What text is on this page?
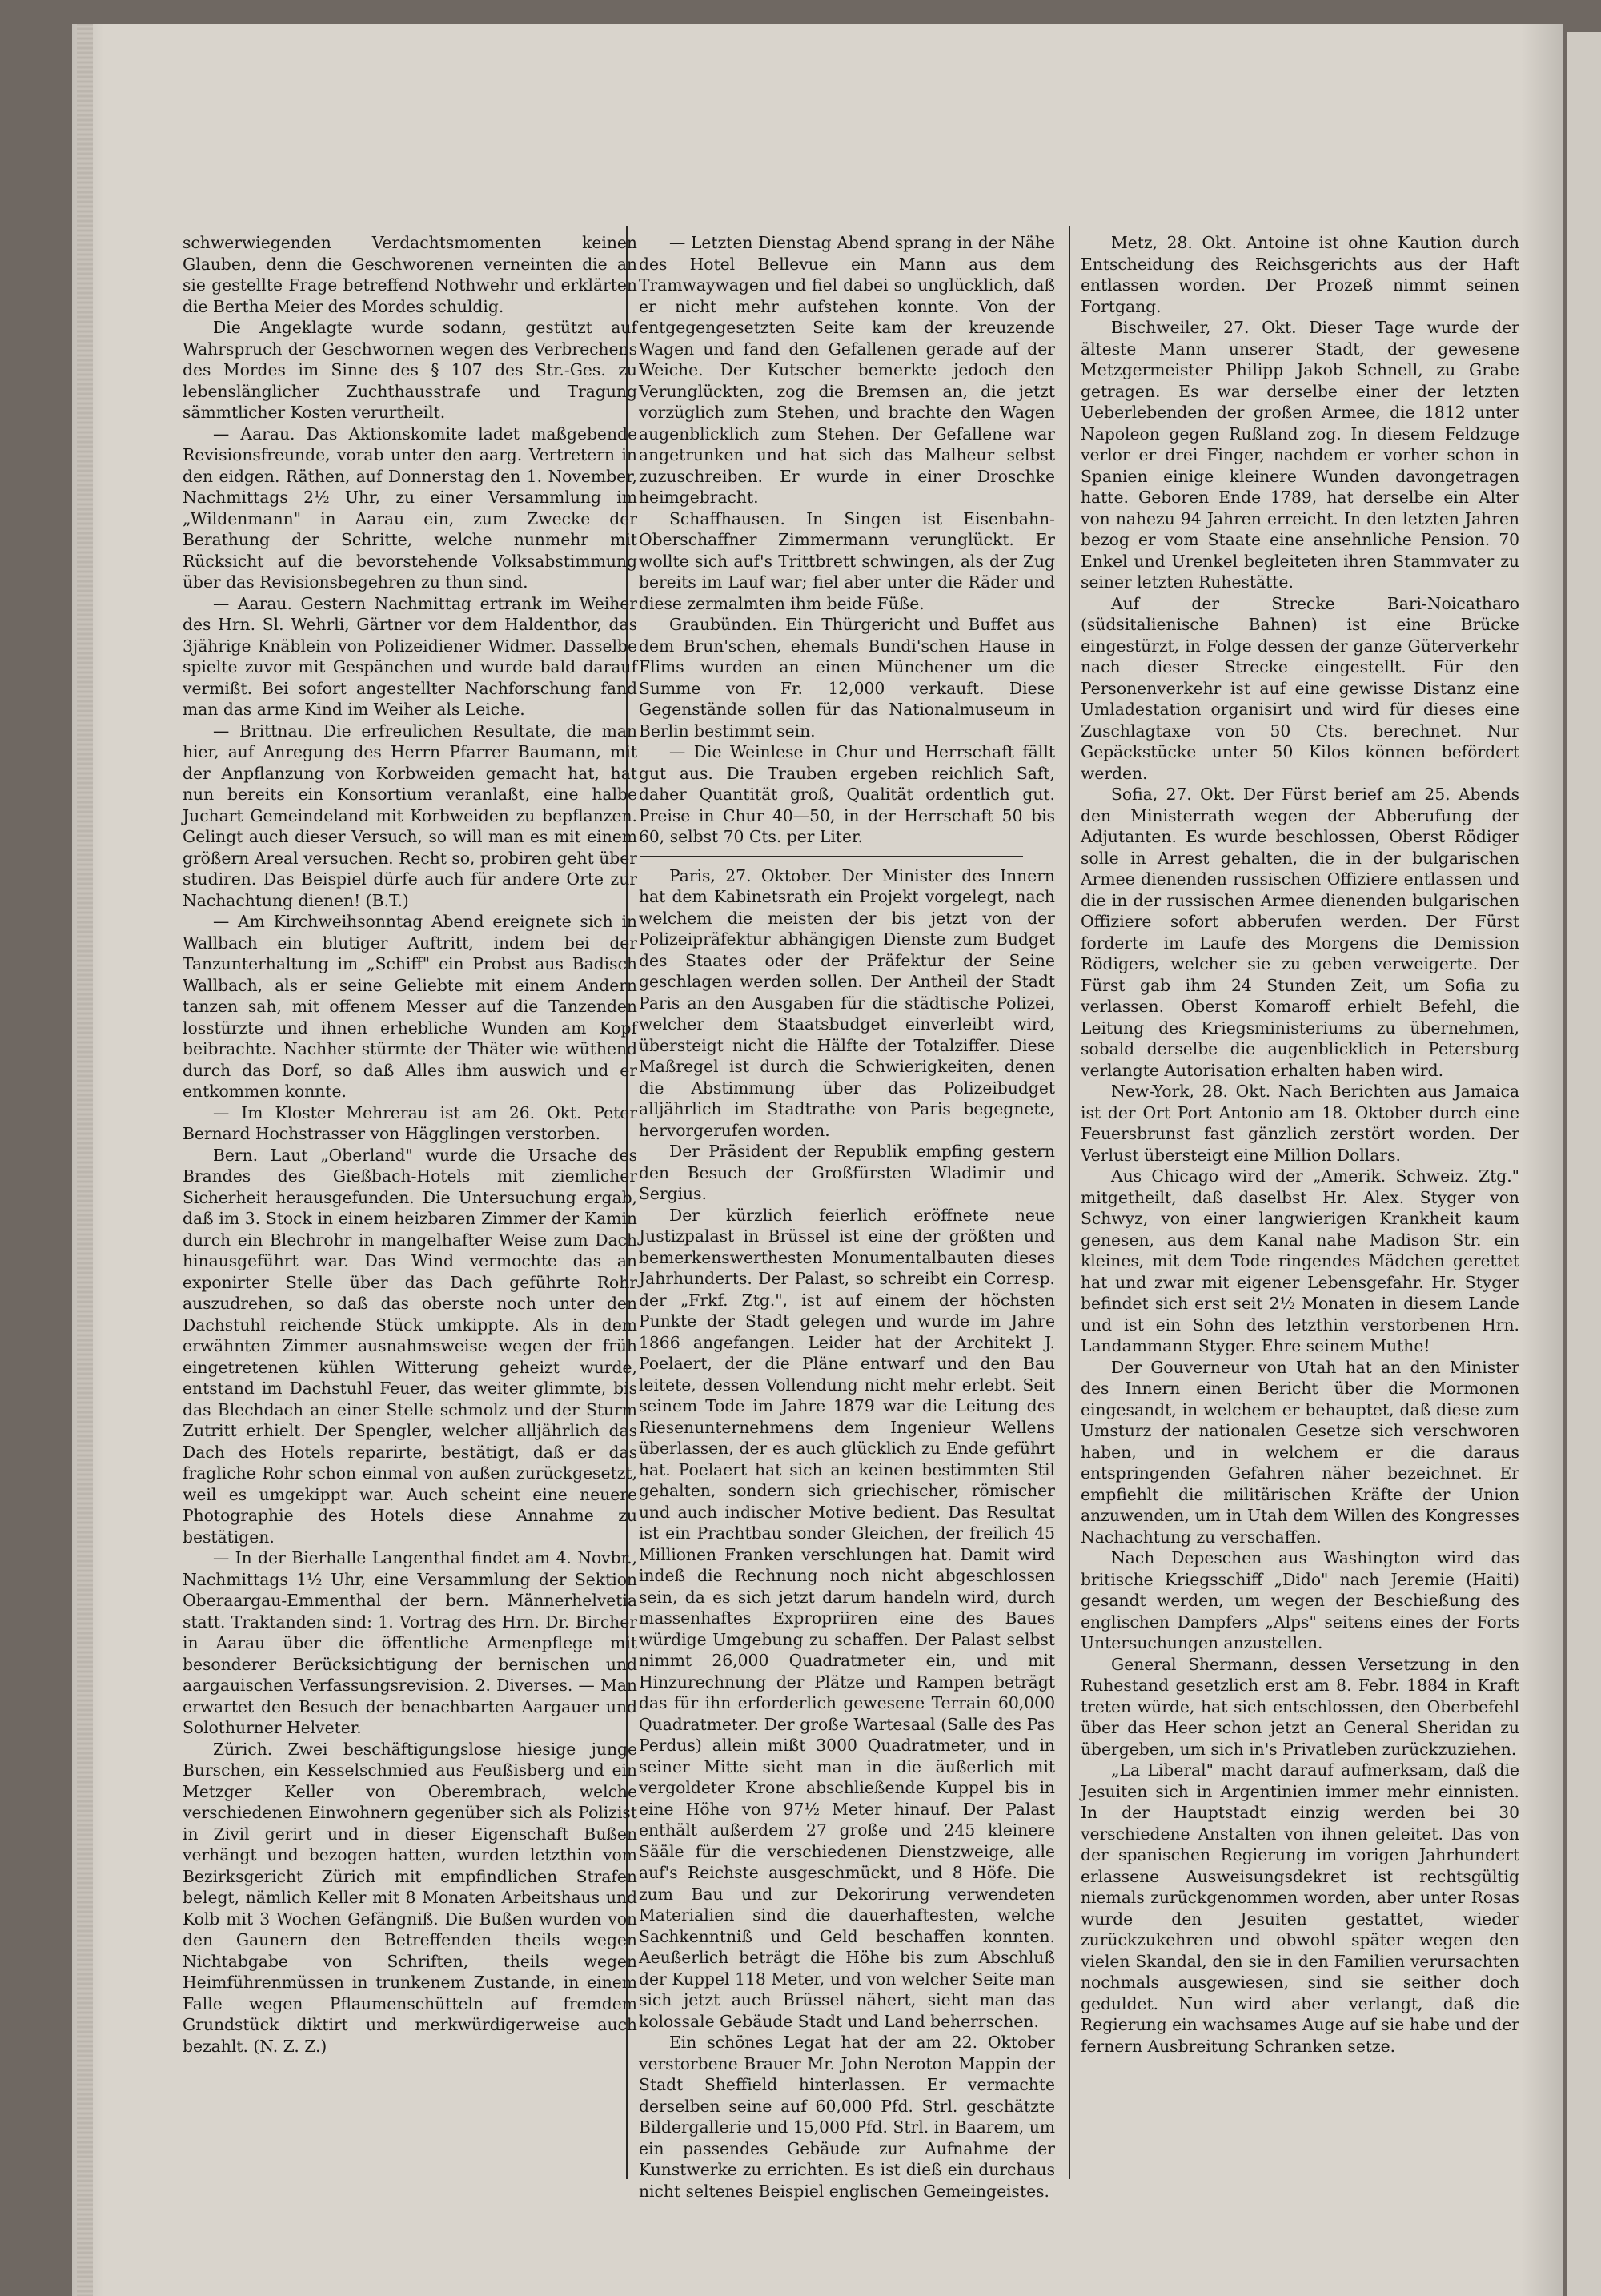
schwerwiegenden Verdachtsmomenten keinen Glauben, denn die Geschworenen verneinten die an sie gestellte Frage betreffend Nothwehr und erklärten die Bertha Meier des Mordes schuldig.

Die Angeklagte wurde sodann, gestützt auf Wahrspruch der Geschwornen wegen des Verbrechens des Mordes im Sinne des § 107 des Str.-Ges. zu lebenslänglicher Zuchthausstrafe und Tragung sämmtlicher Kosten verurtheilt.

— Aarau. Das Aktionskomite ladet maßgebende Revisionsfreunde, vorab unter den aarg. Vertretern in den eidgen. Räthen, auf Donnerstag den 1. November, Nachmittags 2½ Uhr, zu einer Versammlung im „Wildenmann" in Aarau ein, zum Zwecke der Berathung der Schritte, welche nunmehr mit Rücksicht auf die bevorstehende Volksabstimmung über das Revisionsbegehren zu thun sind.

— Aarau. Gestern Nachmittag ertrank im Weiher des Hrn. Sl. Wehrli, Gärtner vor dem Haldenthor, das 3jährige Knäblein von Polizeidiener Widmer. Dasselbe spielte zuvor mit Gespänchen und wurde bald darauf vermißt. Bei sofort angestellter Nachforschung fand man das arme Kind im Weiher als Leiche.

— Brittnau. Die erfreulichen Resultate, die man hier, auf Anregung des Herrn Pfarrer Baumann, mit der Anpflanzung von Korbweiden gemacht hat, hat nun bereits ein Konsortium veranlaßt, eine halbe Juchart Gemeindeland mit Korbweiden zu bepflanzen. Gelingt auch dieser Versuch, so will man es mit einem größern Areal versuchen. Recht so, probiren geht über studiren. Das Beispiel dürfe auch für andere Orte zur Nachachtung dienen! (B.T.)

— Am Kirchweihsonntag Abend ereignete sich in Wallbach ein blutiger Auftritt, indem bei der Tanzunterhaltung im „Schiff" ein Probst aus Badisch Wallbach, als er seine Geliebte mit einem Andern tanzen sah, mit offenem Messer auf die Tanzenden losstürzte und ihnen erhebliche Wunden am Kopf beibrachte. Nachher stürmte der Thäter wie wüthend durch das Dorf, so daß Alles ihm auswich und er entkommen konnte.

— Im Kloster Mehrerau ist am 26. Okt. Peter Bernard Hochstrasser von Hägglingen verstorben.

Bern. Laut „Oberland" wurde die Ursache des Brandes des Gießbach-Hotels mit ziemlicher Sicherheit herausgefunden. Die Untersuchung ergab, daß im 3. Stock in einem heizbaren Zimmer der Kamin durch ein Blechrohr in mangelhafter Weise zum Dach hinausgeführt war. Das Wind vermochte das an exponirter Stelle über das Dach geführte Rohr auszudrehen, so daß das oberste noch unter den Dachstuhl reichende Stück umkippte. Als in dem erwähnten Zimmer ausnahmsweise wegen der früh eingetretenen kühlen Witterung geheizt wurde, entstand im Dachstuhl Feuer, das weiter glimmte, bis das Blechdach an einer Stelle schmolz und der Sturm Zutritt erhielt. Der Spengler, welcher alljährlich das Dach des Hotels reparirte, bestätigt, daß er das fragliche Rohr schon einmal von außen zurückgesetzt, weil es umgekippt war. Auch scheint eine neuere Photographie des Hotels diese Annahme zu bestätigen.

— In der Bierhalle Langenthal findet am 4. Novbr., Nachmittags 1½ Uhr, eine Versammlung der Sektion Oberaargau-Emmenthal der bern. Männerhelvetia statt. Traktanden sind: 1. Vortrag des Hrn. Dr. Bircher in Aarau über die öffentliche Armenpflege mit besonderer Berücksichtigung der bernischen und aargauischen Verfassungsrevision. 2. Diverses. — Man erwartet den Besuch der benachbarten Aargauer und Solothurner Helveter.

Zürich. Zwei beschäftigungslose hiesige junge Burschen, ein Kesselschmied aus Feußisberg und ein Metzger Keller von Oberembrach, welche verschiedenen Einwohnern gegenüber sich als Polizist in Zivil gerirt und in dieser Eigenschaft Bußen verhängt und bezogen hatten, wurden letzthin vom Bezirksgericht Zürich mit empfindlichen Strafen belegt, nämlich Keller mit 8 Monaten Arbeitshaus und Kolb mit 3 Wochen Gefängniß. Die Bußen wurden von den Gaunern den Betreffenden theils wegen Nichtabgabe von Schriften, theils wegen Heimführenmüssen in trunkenem Zustande, in einem Falle wegen Pflaumenschütteln auf fremdem Grundstück diktirt und merkwürdigerweise auch bezahlt. (N. Z. Z.)

— Letzten Dienstag Abend sprang in der Nähe des Hotel Bellevue ein Mann aus dem Tramwaywagen und fiel dabei so unglücklich, daß er nicht mehr aufstehen konnte. Von der entgegengesetzten Seite kam der kreuzende Wagen und fand den Gefallenen gerade auf der Weiche. Der Kutscher bemerkte jedoch den Verunglückten, zog die Bremsen an, die jetzt vorzüglich zum Stehen, und brachte den Wagen augenblicklich zum Stehen. Der Gefallene war angetrunken und hat sich das Malheur selbst zuzuschreiben. Er wurde in einer Droschke heimgebracht.

Schaffhausen. In Singen ist Eisenbahn-Oberschaffner Zimmermann verunglückt. Er wollte sich auf's Trittbrett schwingen, als der Zug bereits im Lauf war; fiel aber unter die Räder und diese zermalmten ihm beide Füße.

Graubünden. Ein Thürgericht und Buffet aus dem Brun'schen, ehemals Bundi'schen Hause in Flims wurden an einen Münchener um die Summe von Fr. 12,000 verkauft. Diese Gegenstände sollen für das Nationalmuseum in Berlin bestimmt sein.

— Die Weinlese in Chur und Herrschaft fällt gut aus. Die Trauben ergeben reichlich Saft, daher Quantität groß, Qualität ordentlich gut. Preise in Chur 40—50, in der Herrschaft 50 bis 60, selbst 70 Cts. per Liter.

Paris, 27. Oktober. Der Minister des Innern hat dem Kabinetsrath ein Projekt vorgelegt, nach welchem die meisten der bis jetzt von der Polizeipräfektur abhängigen Dienste zum Budget des Staates oder der Präfektur der Seine geschlagen werden sollen. Der Antheil der Stadt Paris an den Ausgaben für die städtische Polizei, welcher dem Staatsbudget einverleibt wird, übersteigt nicht die Hälfte der Totalziffer. Diese Maßregel ist durch die Schwierigkeiten, denen die Abstimmung über das Polizeibudget alljährlich im Stadtrathe von Paris begegnete, hervorgerufen worden.

Der Präsident der Republik empfing gestern den Besuch der Großfürsten Wladimir und Sergius.

Der kürzlich feierlich eröffnete neue Justizpalast in Brüssel ist eine der größten und bemerkenswerthesten Monumentalbauten dieses Jahrhunderts. Der Palast, so schreibt ein Corresp. der „Frkf. Ztg.", ist auf einem der höchsten Punkte der Stadt gelegen und wurde im Jahre 1866 angefangen. Leider hat der Architekt J. Poelaert, der die Pläne entwarf und den Bau leitete, dessen Vollendung nicht mehr erlebt. Seit seinem Tode im Jahre 1879 war die Leitung des Riesenunternehmens dem Ingenieur Wellens überlassen, der es auch glücklich zu Ende geführt hat. Poelaert hat sich an keinen bestimmten Stil gehalten, sondern sich griechischer, römischer und auch indischer Motive bedient. Das Resultat ist ein Prachtbau sonder Gleichen, der freilich 45 Millionen Franken verschlungen hat. Damit wird indeß die Rechnung noch nicht abgeschlossen sein, da es sich jetzt darum handeln wird, durch massenhaftes Expropriiren eine des Baues würdige Umgebung zu schaffen. Der Palast selbst nimmt 26,000 Quadratmeter ein, und mit Hinzurechnung der Plätze und Rampen beträgt das für ihn erforderlich gewesene Terrain 60,000 Quadratmeter. Der große Wartesaal (Salle des Pas Perdus) allein mißt 3000 Quadratmeter, und in seiner Mitte sieht man in die äußerlich mit vergoldeter Krone abschließende Kuppel bis in eine Höhe von 97½ Meter hinauf. Der Palast enthält außerdem 27 große und 245 kleinere Sääle für die verschiedenen Dienstzweige, alle auf's Reichste ausgeschmückt, und 8 Höfe. Die zum Bau und zur Dekorirung verwendeten Materialien sind die dauerhaftesten, welche Sachkenntniß und Geld beschaffen konnten. Aeußerlich beträgt die Höhe bis zum Abschluß der Kuppel 118 Meter, und von welcher Seite man sich jetzt auch Brüssel nähert, sieht man das kolossale Gebäude Stadt und Land beherrschen.

Ein schönes Legat hat der am 22. Oktober verstorbene Brauer Mr. John Neroton Mappin der Stadt Sheffield hinterlassen. Er vermachte derselben seine auf 60,000 Pfd. Strl. geschätzte Bildergallerie und 15,000 Pfd. Strl. in Baarem, um ein passendes Gebäude zur Aufnahme der Kunstwerke zu errichten. Es ist dieß ein durchaus nicht seltenes Beispiel englischen Gemeingeistes.

Metz, 28. Okt. Antoine ist ohne Kaution durch Entscheidung des Reichsgerichts aus der Haft entlassen worden. Der Prozeß nimmt seinen Fortgang.

Bischweiler, 27. Okt. Dieser Tage wurde der älteste Mann unserer Stadt, der gewesene Metzgermeister Philipp Jakob Schnell, zu Grabe getragen. Es war derselbe einer der letzten Ueberlebenden der großen Armee, die 1812 unter Napoleon gegen Rußland zog. In diesem Feldzuge verlor er drei Finger, nachdem er vorher schon in Spanien einige kleinere Wunden davongetragen hatte. Geboren Ende 1789, hat derselbe ein Alter von nahezu 94 Jahren erreicht. In den letzten Jahren bezog er vom Staate eine ansehnliche Pension. 70 Enkel und Urenkel begleiteten ihren Stammvater zu seiner letzten Ruhestätte.

Auf der Strecke Bari-Noicatharo (südsitalienische Bahnen) ist eine Brücke eingestürzt, in Folge dessen der ganze Güterverkehr nach dieser Strecke eingestellt. Für den Personenverkehr ist auf eine gewisse Distanz eine Umladestation organisirt und wird für dieses eine Zuschlagtaxe von 50 Cts. berechnet. Nur Gepäckstücke unter 50 Kilos können befördert werden.

Sofia, 27. Okt. Der Fürst berief am 25. Abends den Ministerrath wegen der Abberufung der Adjutanten. Es wurde beschlossen, Oberst Rödiger solle in Arrest gehalten, die in der bulgarischen Armee dienenden russischen Offiziere entlassen und die in der russischen Armee dienenden bulgarischen Offiziere sofort abberufen werden. Der Fürst forderte im Laufe des Morgens die Demission Rödigers, welcher sie zu geben verweigerte. Der Fürst gab ihm 24 Stunden Zeit, um Sofia zu verlassen. Oberst Komaroff erhielt Befehl, die Leitung des Kriegsministeriums zu übernehmen, sobald derselbe die augenblicklich in Petersburg verlangte Autorisation erhalten haben wird.

New-York, 28. Okt. Nach Berichten aus Jamaica ist der Ort Port Antonio am 18. Oktober durch eine Feuersbrunst fast gänzlich zerstört worden. Der Verlust übersteigt eine Million Dollars.

Aus Chicago wird der „Amerik. Schweiz. Ztg." mitgetheilt, daß daselbst Hr. Alex. Styger von Schwyz, von einer langwierigen Krankheit kaum genesen, aus dem Kanal nahe Madison Str. ein kleines, mit dem Tode ringendes Mädchen gerettet hat und zwar mit eigener Lebensgefahr. Hr. Styger befindet sich erst seit 2½ Monaten in diesem Lande und ist ein Sohn des letzthin verstorbenen Hrn. Landammann Styger. Ehre seinem Muthe!

Der Gouverneur von Utah hat an den Minister des Innern einen Bericht über die Mormonen eingesandt, in welchem er behauptet, daß diese zum Umsturz der nationalen Gesetze sich verschworen haben, und in welchem er die daraus entspringenden Gefahren näher bezeichnet. Er empfiehlt die militärischen Kräfte der Union anzuwenden, um in Utah dem Willen des Kongresses Nachachtung zu verschaffen.

Nach Depeschen aus Washington wird das britische Kriegsschiff „Dido" nach Jeremie (Haiti) gesandt werden, um wegen der Beschießung des englischen Dampfers „Alps" seitens eines der Forts Untersuchungen anzustellen.

General Shermann, dessen Versetzung in den Ruhestand gesetzlich erst am 8. Febr. 1884 in Kraft treten würde, hat sich entschlossen, den Oberbefehl über das Heer schon jetzt an General Sheridan zu übergeben, um sich in's Privatleben zurückzuziehen.

„La Liberal" macht darauf aufmerksam, daß die Jesuiten sich in Argentinien immer mehr einnisten. In der Hauptstadt einzig werden bei 30 verschiedene Anstalten von ihnen geleitet. Das von der spanischen Regierung im vorigen Jahrhundert erlassene Ausweisungsdekret ist rechtsgültig niemals zurückgenommen worden, aber unter Rosas wurde den Jesuiten gestattet, wieder zurückzukehren und obwohl später wegen den vielen Skandal, den sie in den Familien verursachten nochmals ausgewiesen, sind sie seither doch geduldet. Nun wird aber verlangt, daß die Regierung ein wachsames Auge auf sie habe und der fernern Ausbreitung Schranken setze.
